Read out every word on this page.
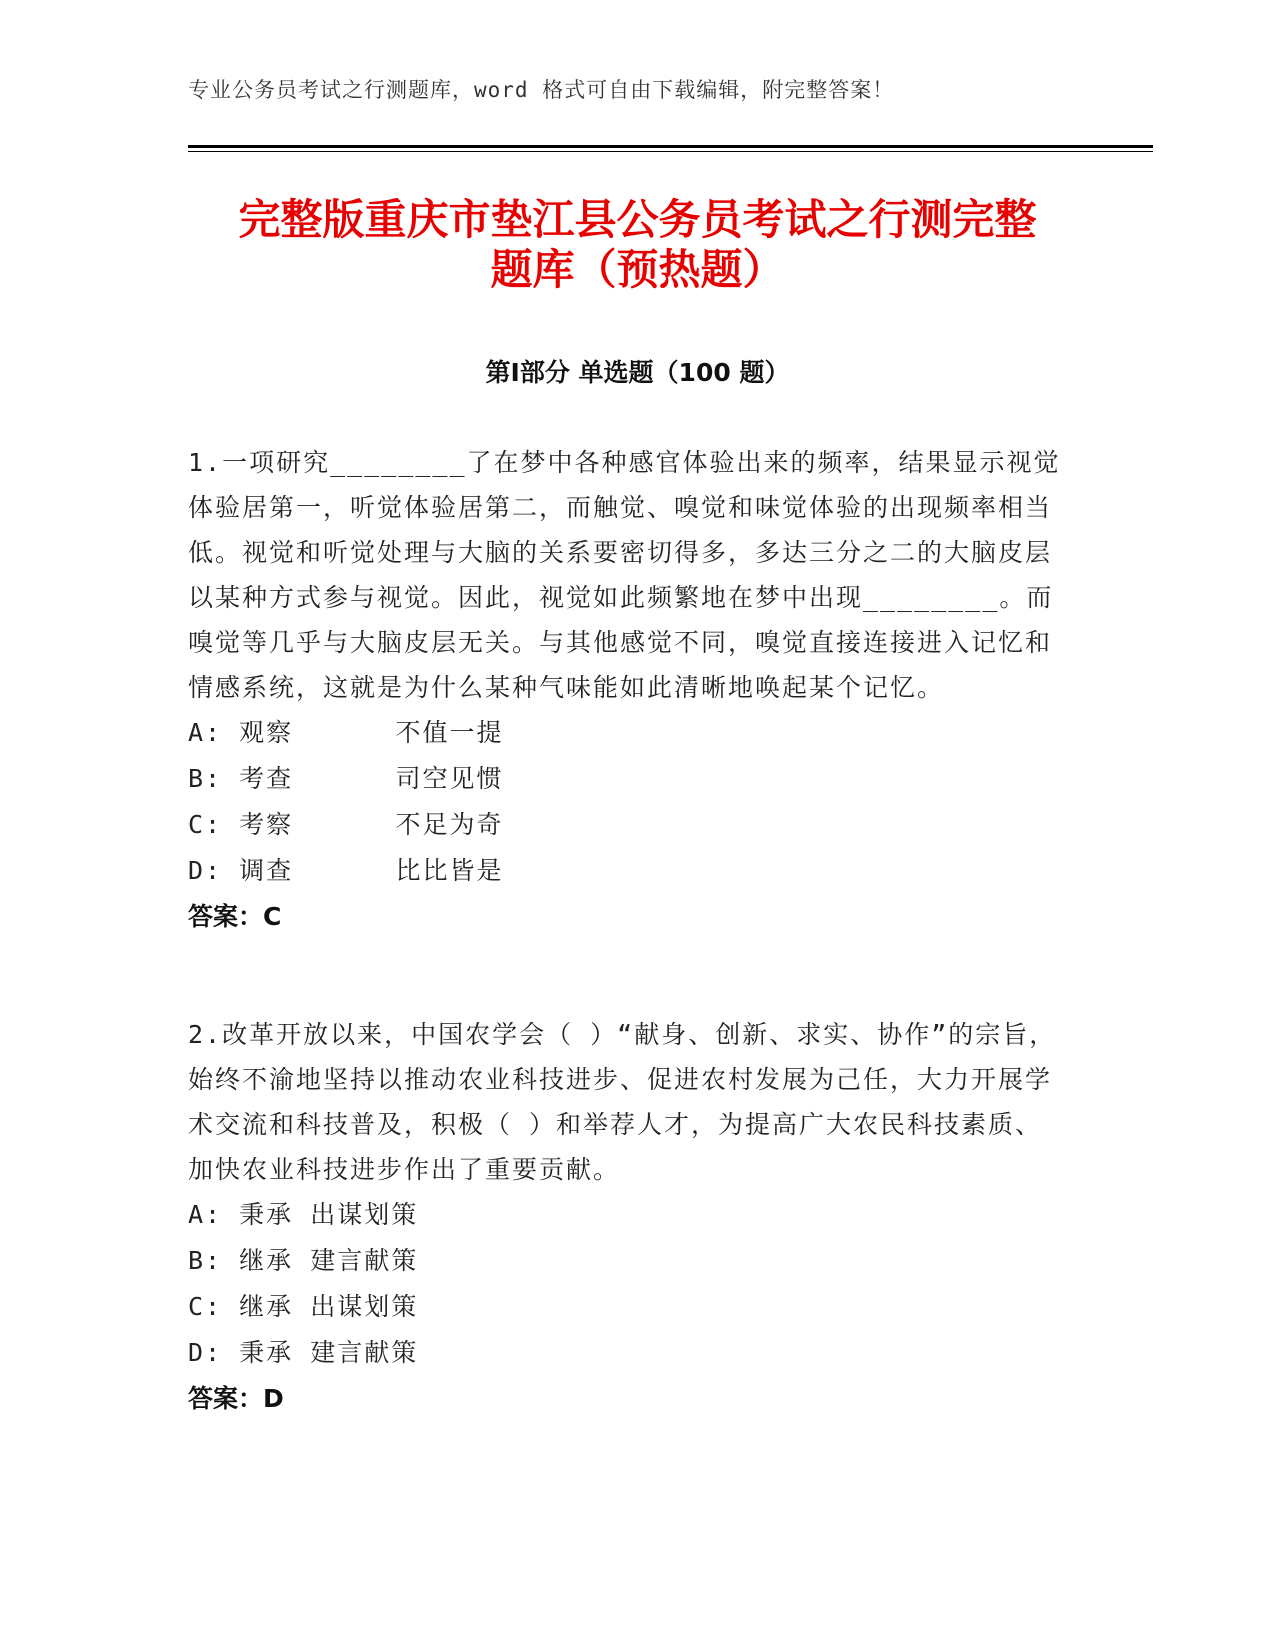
专业公务员考试之行测题库，word 格式可自由下载编辑，附完整答案！
完整版重庆市垫江县公务员考试之行测完整
题库（预热题）
第Ⅰ部分 单选题（100 题）

1.一项研究________了在梦中各种感官体验出来的频率，结果显示视觉体验居第一，听觉体验居第二，而触觉、嗅觉和味觉体验的出现频率相当低。视觉和听觉处理与大脑的关系要密切得多，多达三分之二的大脑皮层以某种方式参与视觉。因此，视觉如此频繁地在梦中出现________。而嗅觉等几乎与大脑皮层无关。与其他感觉不同，嗅觉直接连接进入记忆和情感系统，这就是为什么某种气味能如此清晰地唤起某个记忆。

A: 观察      不值一提

B: 考查      司空见惯

C: 考察      不足为奇

D: 调查      比比皆是

答案：C

2.改革开放以来，中国农学会（ ）“献身、创新、求实、协作”的宗旨，始终不渝地坚持以推动农业科技进步、促进农村发展为己任，大力开展学术交流和科技普及，积极（ ）和举荐人才，为提高广大农民科技素质、加快农业科技进步作出了重要贡献。

A: 秉承 出谋划策

B: 继承 建言献策

C: 继承 出谋划策

D: 秉承 建言献策

答案：D
